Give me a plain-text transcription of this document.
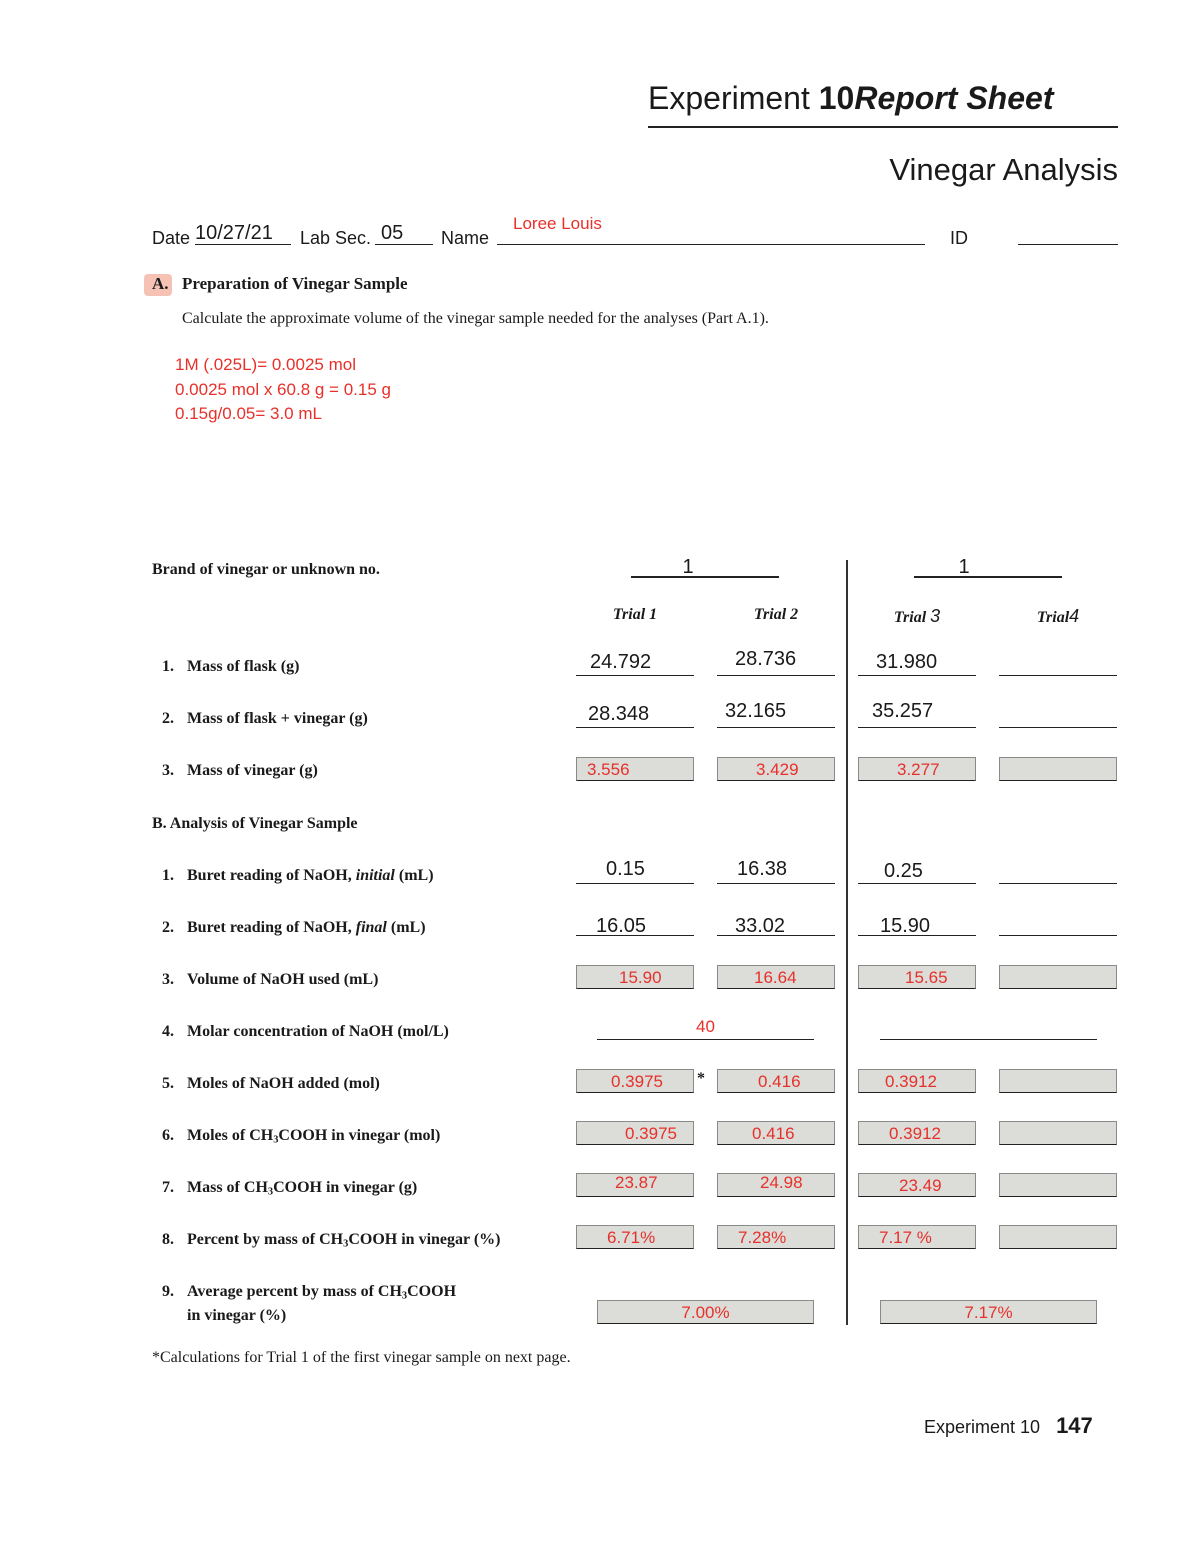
Experiment 10Report Sheet
Vinegar Analysis
Date 10/27/21 Lab Sec. 05 Name
Loree Louis
ID
A. Preparation of Vinegar Sample
Calculate the approximate volume of the vinegar sample needed for the analyses (Part A.1).
1M (.025L)= 0.0025 mol
0.0025 mol x 60.8 g = 0.15 g
0.15g/0.05= 3.0 mL
Brand of vinegar or unknown no.	1	1
Trial 1	Trial 2	Trial 3	Trial4
1. Mass of flask (g)	24.792	28.736	31.980
2. Mass of flask + vinegar (g)	28.348	32.165	35.257
3. Mass of vinegar (g)	3.556	3.429	3.277
B. Analysis of Vinegar Sample
1. Buret reading of NaOH, initial (mL)	0.15	16.38	0.25
2. Buret reading of NaOH, final (mL)	16.05	33.02	15.90
3. Volume of NaOH used (mL)	15.90	16.64	15.65
4. Molar concentration of NaOH (mol/L)	40
5. Moles of NaOH added (mol)	0.3975 *	0.416	0.3912
6. Moles of $CH_3COOH$ in vinegar (mol)	0.3975	0.416	0.3912
7. Mass of $CH_3COOH$ in vinegar (g)	23.87	24.98	23.49
8. Percent by mass of $CH_3COOH$ in vinegar (%)	6.71%	7.28%	7.17 %
9. Average percent by mass of $CH_3COOH$
in vinegar (%)	7.00%	7.17%
*Calculations for Trial 1 of the first vinegar sample on next page.
Experiment 10 147
